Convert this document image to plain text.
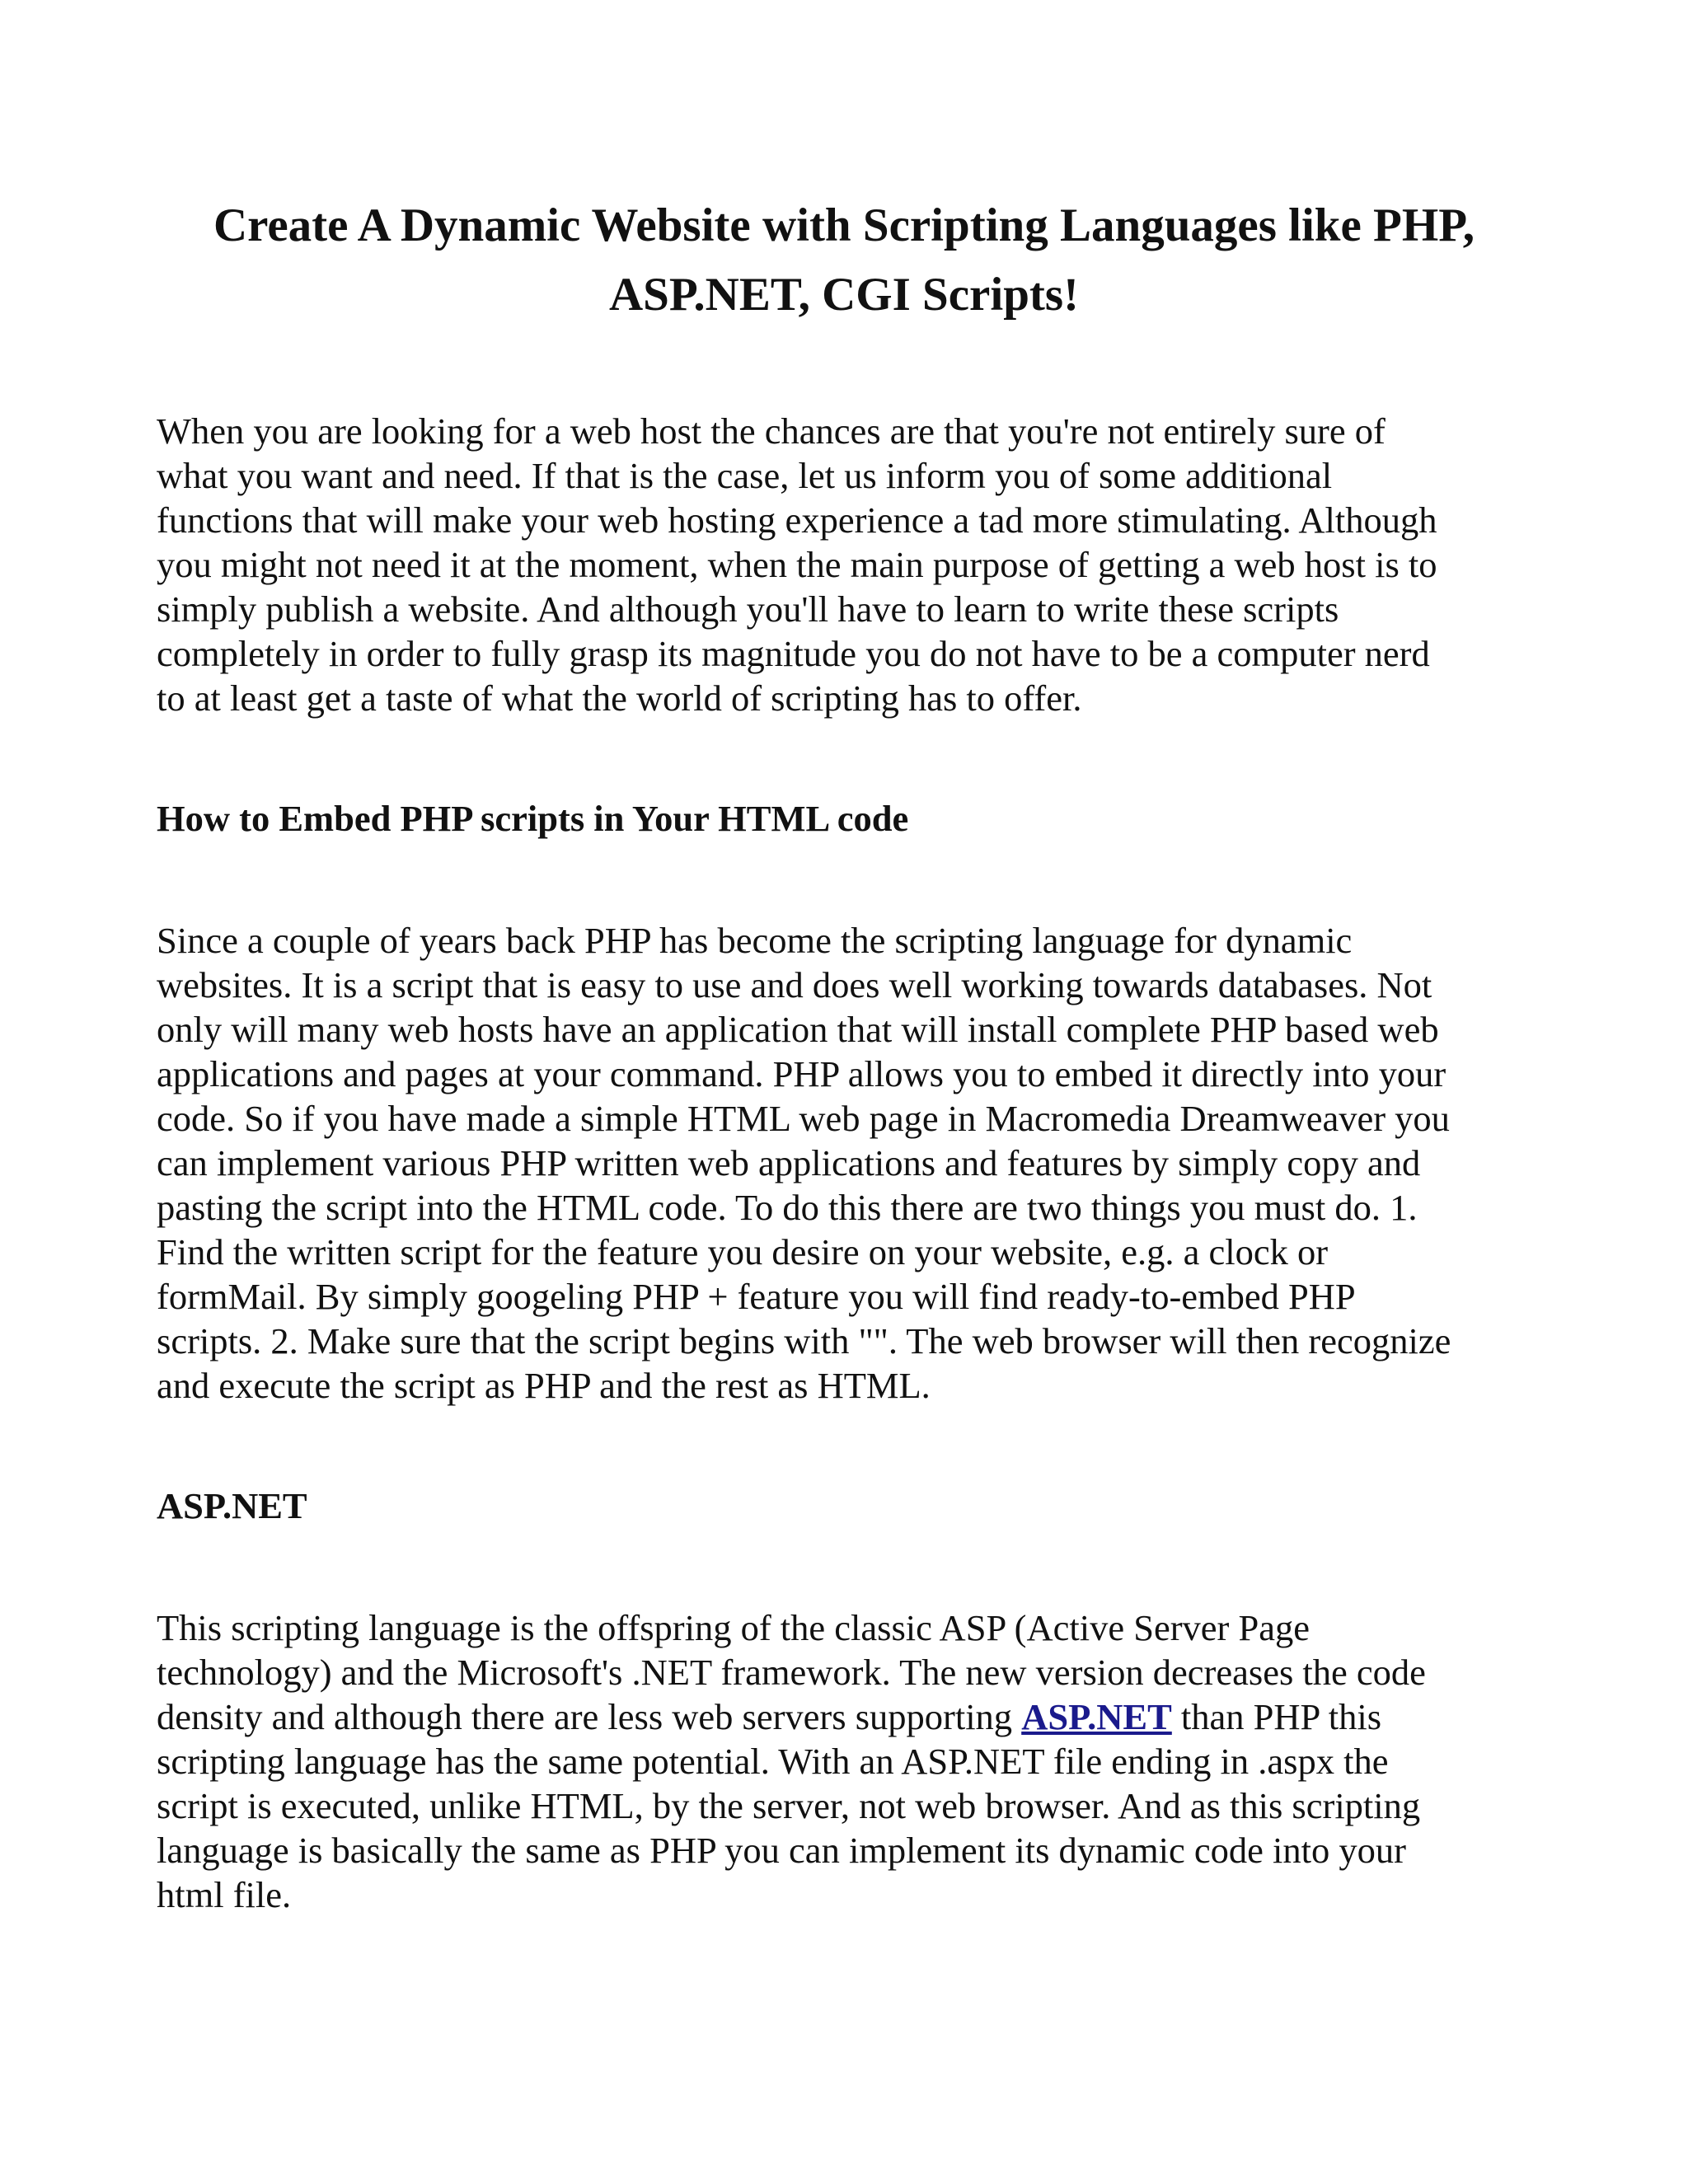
Create A Dynamic Website with Scripting Languages like PHP, ASP.NET, CGI Scripts!

When you are looking for a web host the chances are that you're not entirely sure of
what you want and need. If that is the case, let us inform you of some additional
functions that will make your web hosting experience a tad more stimulating. Although
you might not need it at the moment, when the main purpose of getting a web host is to
simply publish a website. And although you'll have to learn to write these scripts
completely in order to fully grasp its magnitude you do not have to be a computer nerd
to at least get a taste of what the world of scripting has to offer.

How to Embed PHP scripts in Your HTML code

Since a couple of years back PHP has become the scripting language for dynamic
websites. It is a script that is easy to use and does well working towards databases. Not
only will many web hosts have an application that will install complete PHP based web
applications and pages at your command. PHP allows you to embed it directly into your
code. So if you have made a simple HTML web page in Macromedia Dreamweaver you
can implement various PHP written web applications and features by simply copy and
pasting the script into the HTML code. To do this there are two things you must do. 1.
Find the written script for the feature you desire on your website, e.g. a clock or
formMail. By simply googeling PHP + feature you will find ready-to-embed PHP
scripts. 2. Make sure that the script begins with "". The web browser will then recognize
and execute the script as PHP and the rest as HTML.

ASP.NET

This scripting language is the offspring of the classic ASP (Active Server Page
technology) and the Microsoft's .NET framework. The new version decreases the code
density and although there are less web servers supporting ASP.NET than PHP this
scripting language has the same potential. With an ASP.NET file ending in .aspx the
script is executed, unlike HTML, by the server, not web browser. And as this scripting
language is basically the same as PHP you can implement its dynamic code into your
html file.
